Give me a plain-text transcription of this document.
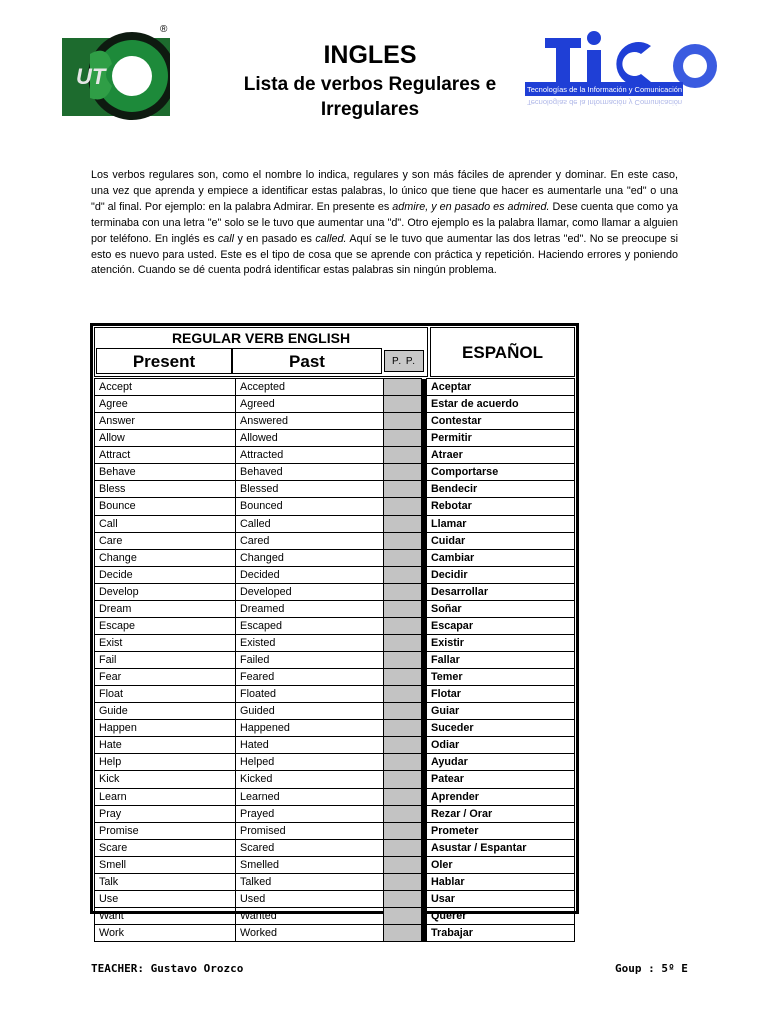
UT
®
INGLES
Lista de verbos Regulares e
Irregulares
Tecnologías de la Información y Comunicación
Tecnologías de la Información y Comunicación

Los verbos regulares son, como el nombre lo indica, regulares y son más fáciles de aprender y dominar. En este caso, una vez que aprenda y empiece a identificar estas palabras, lo único que tiene que hacer es aumentarle una "ed" o una "d" al final. Por ejemplo: en la palabra Admirar. En presente es admire, y en pasado es admired. Dese cuenta que como ya terminaba con una letra "e" solo se le tuvo que aumentar una "d". Otro ejemplo es la palabra llamar, como llamar a alguien por teléfono. En inglés es call y en pasado es called. Aquí se le tuvo que aumentar las dos letras "ed". No se preocupe si esto es nuevo para usted. Este es el tipo de cosa que se aprende con práctica y repetición. Haciendo errores y poniendo atención. Cuando se dé cuenta podrá identificar estas palabras sin ningún problema.

REGULAR VERB ENGLISH
Present	Past	P. P.	ESPAÑOL
Accept	Accepted			Aceptar
Agree	Agreed			Estar de acuerdo
Answer	Answered			Contestar
Allow	Allowed			Permitir
Attract	Attracted			Atraer
Behave	Behaved			Comportarse
Bless	Blessed			Bendecir
Bounce	Bounced			Rebotar
Call	Called			Llamar
Care	Cared			Cuidar
Change	Changed			Cambiar
Decide	Decided			Decidir
Develop	Developed			Desarrollar
Dream	Dreamed			Soñar
Escape	Escaped			Escapar
Exist	Existed			Existir
Fail	Failed			Fallar
Fear	Feared			Temer
Float	Floated			Flotar
Guide	Guided			Guiar
Happen	Happened			Suceder
Hate	Hated			Odiar
Help	Helped			Ayudar
Kick	Kicked			Patear
Learn	Learned			Aprender
Pray	Prayed			Rezar / Orar
Promise	Promised			Prometer
Scare	Scared			Asustar / Espantar
Smell	Smelled			Oler
Talk	Talked			Hablar
Use	Used			Usar
Want	Wanted			Querer
Work	Worked			Trabajar
TEACHER: Gustavo Orozco	Goup : 5º E
